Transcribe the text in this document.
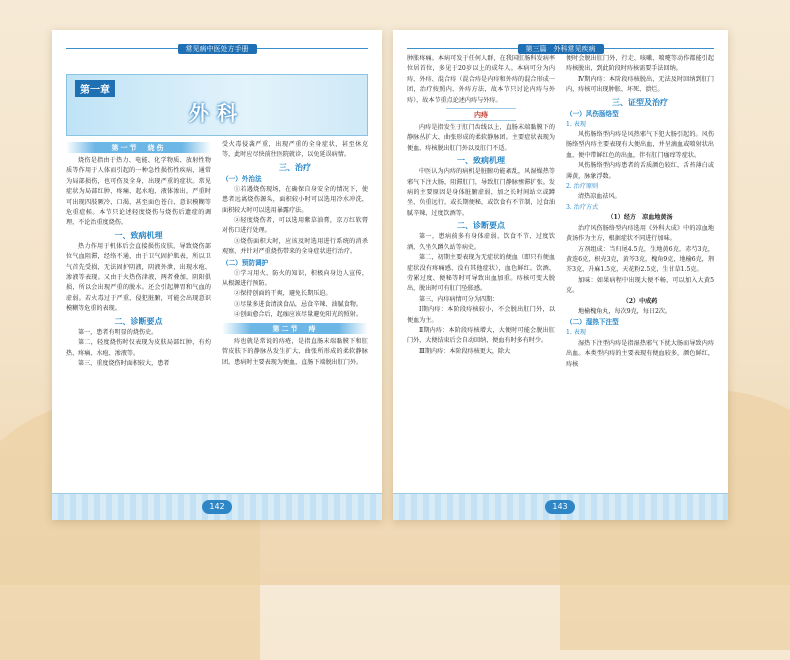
常见病中医处方手册
第一章
外科
第一节　烧伤

烧伤是指由于热力、电能、化学物质、放射性物质等作用于人体而引起的一种急性损伤性疾病，通常为局部损伤，也可伤及全身，出现严重的症状。常见症状为局部红肿、疼痛、起水疱、液体渗出，严重时可出现四肢厥冷、口渴、甚至面色苍白、意识模糊等危重症候。本节只论述轻度烧伤与烧伤后遗症的调理，不论治重度烧伤。

一、致病机理

热力作用于机体后会直接损伤皮肤，导致烧伤部位气血阻滞，经络不通，由于卫气固护肌表，所以卫气首先受损，无法固护阴液，阴液外泄，出现水疱、渗液等表现。又由于火热伤津液，两者叠加，阴阳俱损，所以会出现严重的脱水。还会引起脾胃和气血的虚弱。若火毒过于严重，侵犯脏腑，可能会出现意识模糊等危重的表现。

二、诊断要点

第一，患者有明显的烧伤史。

第二，轻度烧伤时仅表现为皮肤局部红肿，有灼热、疼痛、水疱、渗液等。

第三，重度烧伤时面积较大，患者

受火毒侵袭严重，出现严重的全身症状，甚至休克等，此时应尽快前往医院就诊，以免延误病情。

三、治疗
（一）外治法

①若遇烧伤现场，在确保自身安全的情况下，使患者远离烧伤源头，面积较小时可以选用冷水冲洗，面积较大时可以选用暴露疗法。

②轻度烧伤者，可以选用紫草油膏，京万红软膏对伤口进行处理。

③烧伤面积大时，应该及时选用进行系统的消杀观察，并针对严重烧伤带来的全身症状进行治疗。

（二）预防调护

①学习用火、防火的知识，积极向身边人宣传，从根源进行预防。

②保持创面的干爽，避免长期压迫。

③尽量多进食清淡食品，忌食辛辣、油腻食物。

④创面愈合后，起痂应该尽量避免阳光的照射。

第二节　痔

痔也就是常说的痔疮，是指直肠末端黏膜下和肛管皮肤下的静脉丛发生扩大、曲张所形成的柔软静脉团。患病时主要表现为便血，直肠下端脱出肛门外。

142
第三篇　外科常见疾病

肿胀疼痛。本病可发于任何人群，在我国肛肠科发病率位居首位，多见于20岁以上的成年人。本病可分为内痔、外痔、混合痔（混合痔是内痔和外痔的混合形成一团，治疗按照内、外痔方法，故本节只讨论内痔与外痔），故本节重点论述内痔与外痔。

内痔

内痔是指发生于肛门齿线以上，直肠末端黏膜下的静脉丛扩大、曲张形成的柔软静脉团。主要症状表现为便血、痔核脱出肛门外以及肛门不适。

一、致病机理

中医认为内痔的病机是脏腑功能紊乱，风湿燥热等邪气下注大肠，阻滞肛门，导致肛门静脉壅滞扩张。发病的主要原因是身体脏腑虚弱，加之长时间站立或蹲坐，负重远行，或长期便秘，或饮食有不节制，过食油腻辛辣，过度饮酒等。

二、诊断要点

第一，患病前多有身体虚弱、饮食不节、过度饮酒、久坐久蹲久站等病史。

第二，初期主要表现为无症状的便血（即只有便血症状没有疼痛感，没有其他症状），血色鲜红。饮酒、劳累过度、便秘等时可导致出血加重。痔核可变大脱出，脱出时可有肛门坠胀感。

第三，内痔病情可分为四期：

Ⅰ期内痔：本阶段痔核较小，不会脱出肛门外，以便血为主。

Ⅱ期内痔：本阶段痔核增大，大便时可能会脱出肛门外，大便结束后会自动回纳，便血有时多有时少。

Ⅲ期内痔：本阶段痔核更大，除大

便时会脱出肛门外，行走、咳嗽、喷嚏等动作都能引起痔核脱出，到此阶段时痔核需要手法回纳。

Ⅳ期内痔：本阶段痔核脱出，无法及时回纳到肛门内，痔核可出现肿胀、坏死、溃烂。

三、证型及治疗
（一）风伤肠络型
1. 表现

风伤肠络型内痔是风热邪气下犯大肠引起的。风伤肠络型内痔主要表现有大便出血，并呈滴血或喷射状出血，便中带鲜红色的出血，伴有肛门瘙痒等症状。

风伤肠络型内痔患者的舌质颜色较红，舌苔薄白或薄黄，脉象浮数。

2. 治疗原则

清热凉血祛风。

3. 治疗方式
（1）经方　凉血地黄汤

治疗风伤肠络型内痔选用《外科大成》中的凉血地黄汤作为主方，根据症状不同进行加味。

方剂组成：当归尾4.5克，生地黄6克，赤芍3克，黄连6克，枳壳3克，黄芩3克，槐角9克，地榆6克，荆芥3克，升麻1.5克，天花粉2.5克，生甘草1.5克。

加味：如果病程中出现大便不畅，可以加入大黄5克。

（2）中成药

地榆槐角丸，每次9克，每日2次。

（二）湿热下注型
1. 表现

湿热下注型内痔是指湿热邪气下扰大肠而导致内痔出血。本类型内痔的主要表现有便血较多，颜色鲜红，痔核

143
